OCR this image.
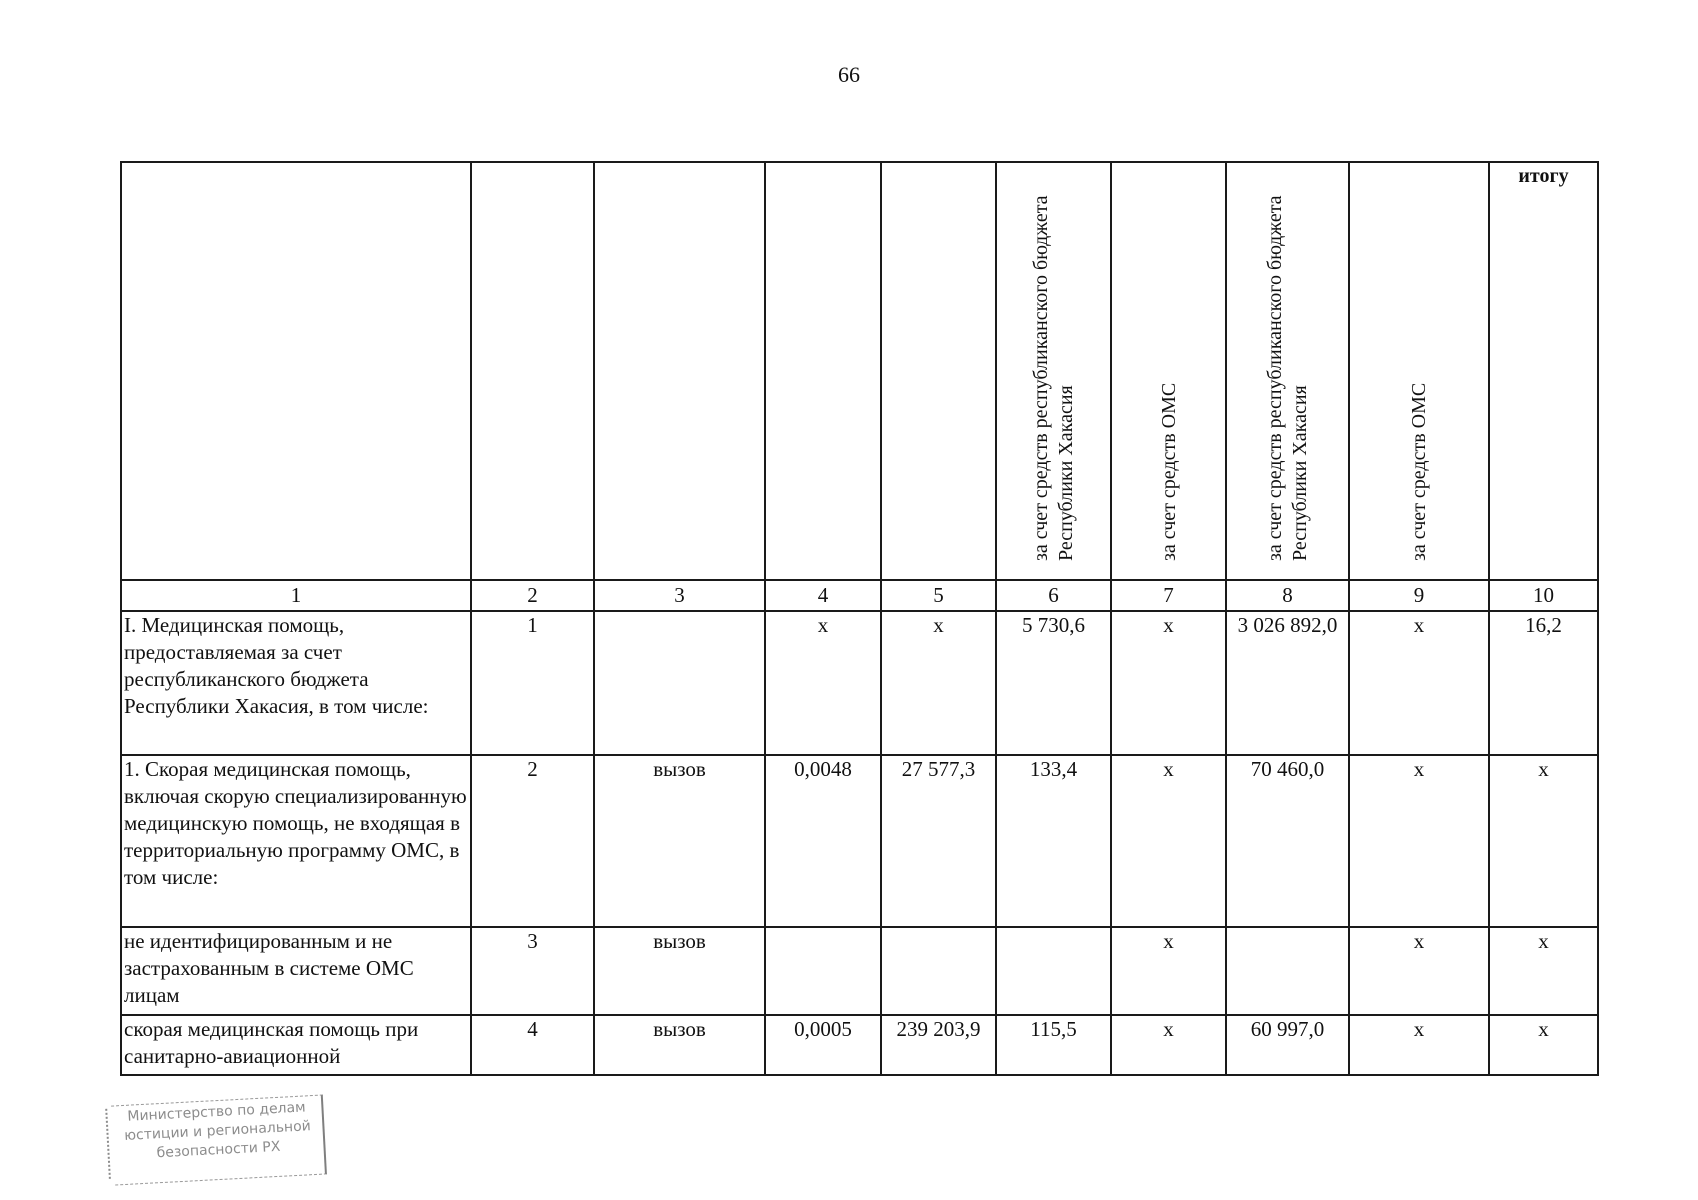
66

					за счет средств республиканского бюджета Республики Хакасия	за счет средств ОМС	за счет средств республиканского бюджета Республики Хакасия	за счет средств ОМС	итогу
1	2	3	4	5	6	7	8	9	10
I. Медицинская помощь, предоставляемая за счет республиканского бюджета Республики Хакасия, в том числе:	1		х	х	5 730,6	х	3 026 892,0	х	16,2
1. Скорая медицинская помощь, включая скорую специализированную медицинскую помощь, не входящая в территориальную программу ОМС, в том числе:	2	вызов	0,0048	27 577,3	133,4	х	70 460,0	х	х
не идентифицированным и не застрахованным в системе ОМС лицам	3	вызов				х		х	х
скорая медицинская помощь при санитарно-авиационной	4	вызов	0,0005	239 203,9	115,5	х	60 997,0	х	х
Министерство по делам
юстиции и региональной
безопасности РХ
